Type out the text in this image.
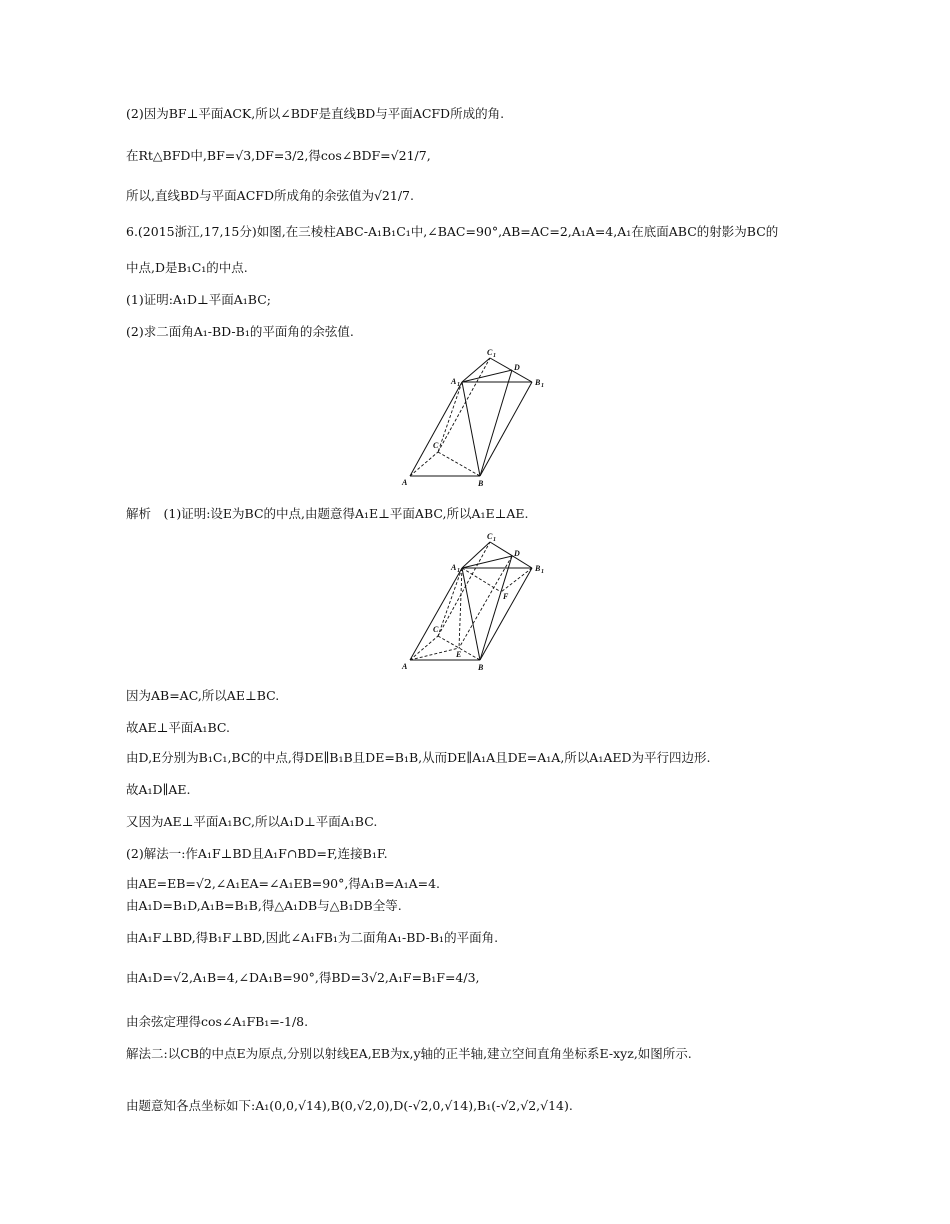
(2)因为BF⊥平面ACK,所以∠BDF是直线BD与平面ACFD所成的角.
在Rt△BFD中,BF=√3,DF=3/2,得cos∠BDF=√21/7,
所以,直线BD与平面ACFD所成角的余弦值为√21/7.
6.(2015浙江,17,15分)如图,在三棱柱ABC-A₁B₁C₁中,∠BAC=90°,AB=AC=2,A₁A=4,A₁在底面ABC的射影为BC的
中点,D是B₁C₁的中点.
(1)证明:A₁D⊥平面A₁BC;
(2)求二面角A₁-BD-B₁的平面角的余弦值.
A	B
C
A 1	B 1
C 1
D
解析　(1)证明:设E为BC的中点,由题意得A₁E⊥平面ABC,所以A₁E⊥AE.
A	B
C
E
F
A 1	B 1
C 1
D
因为AB=AC,所以AE⊥BC.
故AE⊥平面A₁BC.
由D,E分别为B₁C₁,BC的中点,得DE∥B₁B且DE=B₁B,从而DE∥A₁A且DE=A₁A,所以A₁AED为平行四边形.
故A₁D∥AE.
又因为AE⊥平面A₁BC,所以A₁D⊥平面A₁BC.
(2)解法一:作A₁F⊥BD且A₁F∩BD=F,连接B₁F.
由AE=EB=√2,∠A₁EA=∠A₁EB=90°,得A₁B=A₁A=4.
由A₁D=B₁D,A₁B=B₁B,得△A₁DB与△B₁DB全等.
由A₁F⊥BD,得B₁F⊥BD,因此∠A₁FB₁为二面角A₁-BD-B₁的平面角.
由A₁D=√2,A₁B=4,∠DA₁B=90°,得BD=3√2,A₁F=B₁F=4/3,
由余弦定理得cos∠A₁FB₁=-1/8.
解法二:以CB的中点E为原点,分别以射线EA,EB为x,y轴的正半轴,建立空间直角坐标系E-xyz,如图所示.
由题意知各点坐标如下:A₁(0,0,√14),B(0,√2,0),D(-√2,0,√14),B₁(-√2,√2,√14).
